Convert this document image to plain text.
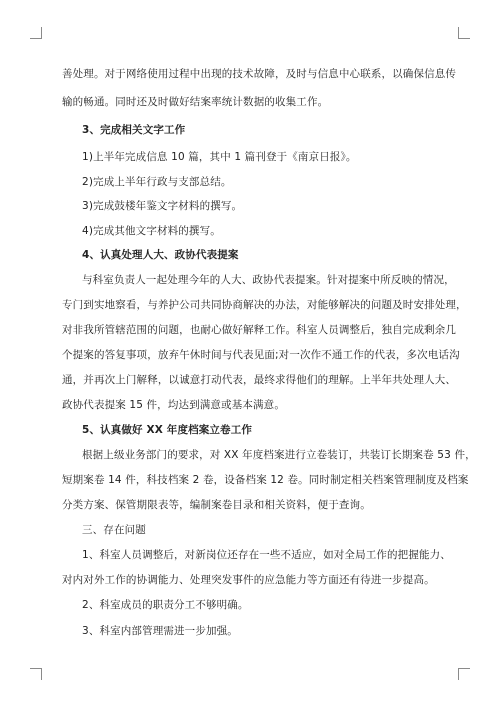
善处理。对于网络使用过程中出现的技术故障，及时与信息中心联系，以确保信息传
输的畅通。同时还及时做好结案率统计数据的收集工作。
3、完成相关文字工作
1)上半年完成信息 10 篇，其中 1 篇刊登于《南京日报》。
2)完成上半年行政与支部总结。
3)完成鼓楼年鉴文字材料的撰写。
4)完成其他文字材料的撰写。
4、认真处理人大、政协代表提案
与科室负责人一起处理今年的人大、政协代表提案。针对提案中所反映的情况，
专门到实地察看，与养护公司共同协商解决的办法，对能够解决的问题及时安排处理，
对非我所管辖范围的问题，也耐心做好解释工作。科室人员调整后，独自完成剩余几
个提案的答复事项，放弃午休时间与代表见面;对一次作不通工作的代表，多次电话沟
通，并再次上门解释，以诚意打动代表，最终求得他们的理解。上半年共处理人大、
政协代表提案 15 件，均达到满意或基本满意。
5、认真做好 XX 年度档案立卷工作
根据上级业务部门的要求，对 XX 年度档案进行立卷装订，共装订长期案卷 53 件，
短期案卷 14 件，科技档案 2 卷，设备档案 12 卷。同时制定相关档案管理制度及档案
分类方案、保管期限表等，编制案卷目录和相关资料，便于查询。
三、存在问题
1、科室人员调整后，对新岗位还存在一些不适应，如对全局工作的把握能力、
对内对外工作的协调能力、处理突发事件的应急能力等方面还有待进一步提高。
2、科室成员的职责分工不够明确。
3、科室内部管理需进一步加强。
